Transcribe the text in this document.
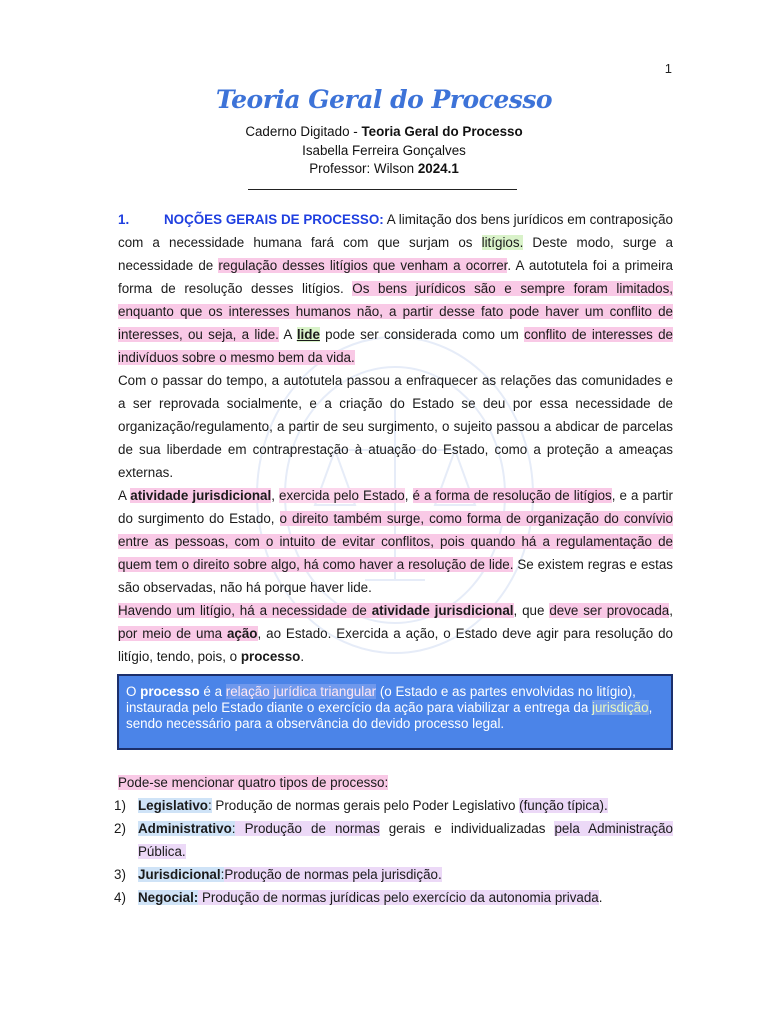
1
Teoria Geral do Processo
Caderno Digitado - Teoria Geral do Processo
Isabella Ferreira Gonçalves
Professor: Wilson 2024.1

1.	NOÇÕES GERAIS DE PROCESSO: A limitação dos bens jurídicos em contraposição com a necessidade humana fará com que surjam os litígios. Deste modo, surge a necessidade de regulação desses litígios que venham a ocorrer. A autotutela foi a primeira forma de resolução desses litígios. Os bens jurídicos são e sempre foram limitados, enquanto que os interesses humanos não, a partir desse fato pode haver um conflito de interesses, ou seja, a lide. A lide pode ser considerada como um conflito de interesses de indivíduos sobre o mesmo bem da vida.

Com o passar do tempo, a autotutela passou a enfraquecer as relações das comunidades e a ser reprovada socialmente, e a criação do Estado se deu por essa necessidade de organização/regulamento, a partir de seu surgimento, o sujeito passou a abdicar de parcelas de sua liberdade em contraprestação à atuação do Estado, como a proteção a ameaças externas.

A atividade jurisdicional, exercida pelo Estado, é a forma de resolução de litígios, e a partir do surgimento do Estado, o direito também surge, como forma de organização do convívio entre as pessoas, com o intuito de evitar conflitos, pois quando há a regulamentação de quem tem o direito sobre algo, há como haver a resolução de lide. Se existem regras e estas são observadas, não há porque haver lide.

Havendo um litígio, há a necessidade de atividade jurisdicional, que deve ser provocada, por meio de uma ação, ao Estado. Exercida a ação, o Estado deve agir para resolução do litígio, tendo, pois, o processo.

O processo é a relação jurídica triangular (o Estado e as partes envolvidas no litígio), instaurada pelo Estado diante o exercício da ação para viabilizar a entrega da jurisdição, sendo necessário para a observância do devido processo legal.

Pode-se mencionar quatro tipos de processo:

1) Legislativo: Produção de normas gerais pelo Poder Legislativo (função típica).
2) Administrativo: Produção de normas gerais e individualizadas pela Administração Pública.
3) Jurisdicional:Produção de normas pela jurisdição.
4) Negocial: Produção de normas jurídicas pelo exercício da autonomia privada.
